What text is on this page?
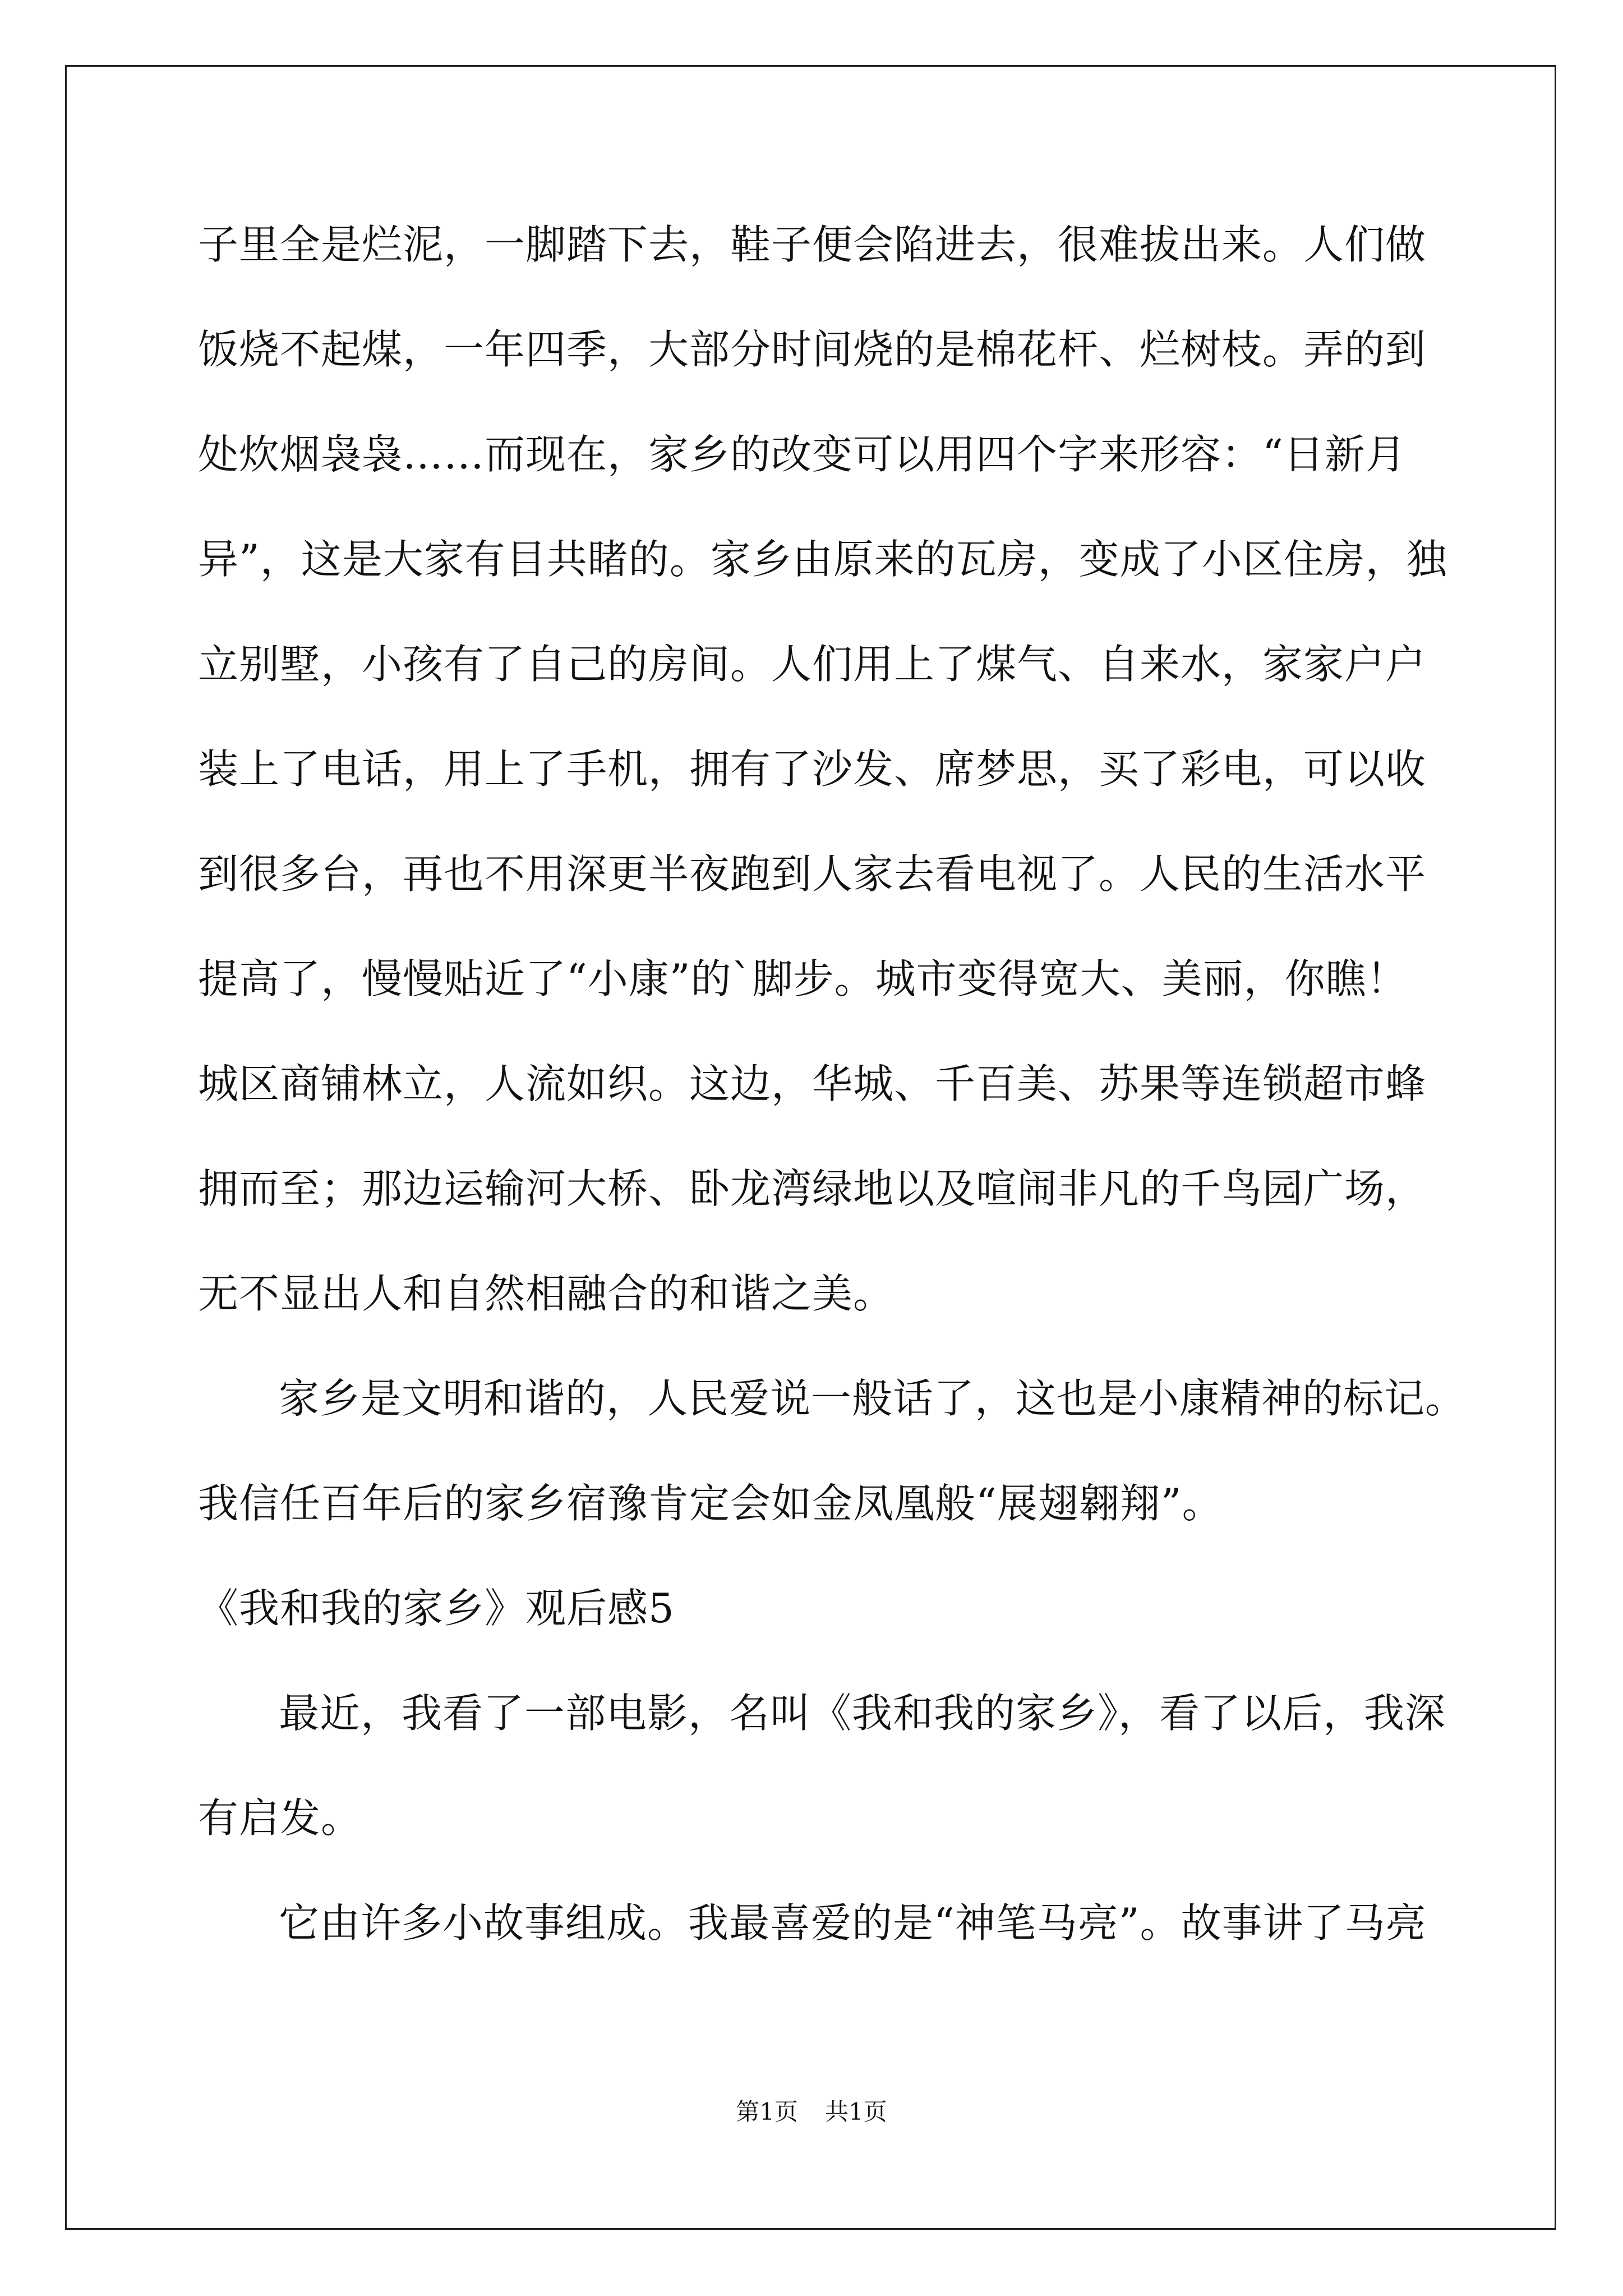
子里全是烂泥，一脚踏下去，鞋子便会陷进去，很难拔出来。人们做
饭烧不起煤，一年四季，大部分时间烧的是棉花杆、烂树枝。弄的到
处炊烟袅袅……而现在，家乡的改变可以用四个字来形容：“日新月
异”，这是大家有目共睹的。家乡由原来的瓦房，变成了小区住房，独
立别墅，小孩有了自己的房间。人们用上了煤气、自来水，家家户户
装上了电话，用上了手机，拥有了沙发、席梦思，买了彩电，可以收
到很多台，再也不用深更半夜跑到人家去看电视了。人民的生活水平
提高了，慢慢贴近了“小康”的`脚步。城市变得宽大、美丽，你瞧！
城区商铺林立，人流如织。这边，华城、千百美、苏果等连锁超市蜂
拥而至；那边运输河大桥、卧龙湾绿地以及喧闹非凡的千鸟园广场，
无不显出人和自然相融合的和谐之美。
家乡是文明和谐的，人民爱说一般话了，这也是小康精神的标记。
我信任百年后的家乡宿豫肯定会如金凤凰般“展翅翱翔”。
《我和我的家乡》观后感5
最近，我看了一部电影，名叫《我和我的家乡》，看了以后，我深
有启发。
它由许多小故事组成。我最喜爱的是“神笔马亮”。故事讲了马亮
第1页 共1页
